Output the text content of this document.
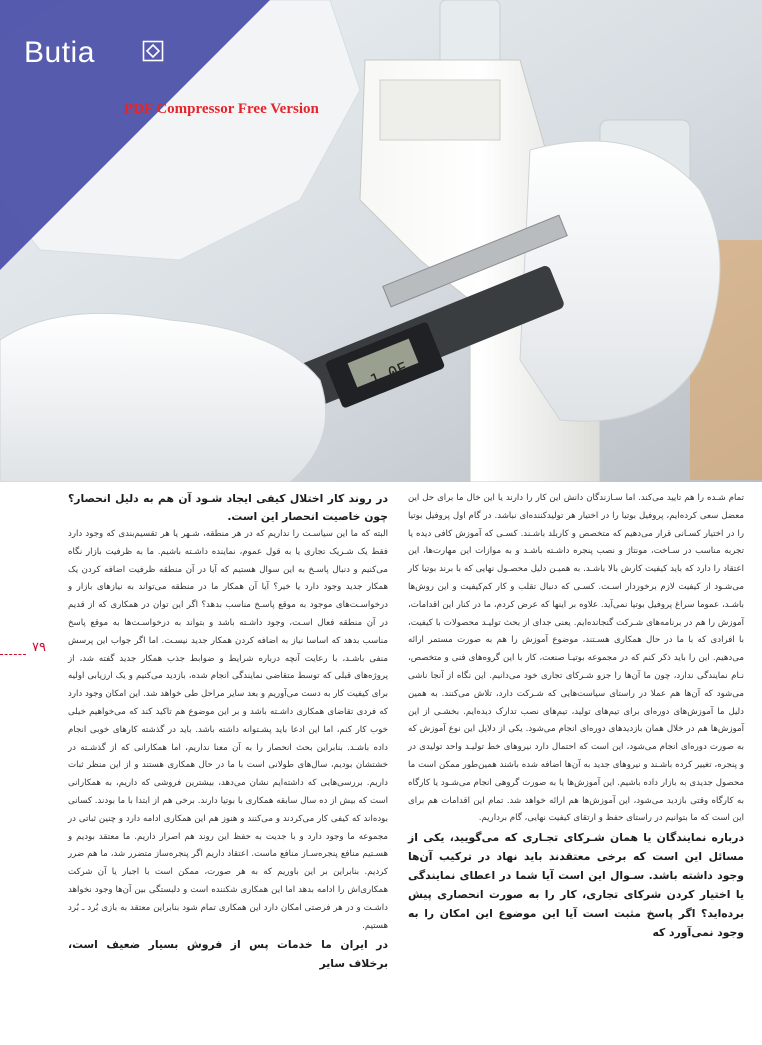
1.0E
Butia
PDF Compressor Free Version
۷۹

تمام شـده را هم تایید می‌کند. اما سـازندگان دانش این کار را دارند یا این خال ما برای حل این معضل سعی کرده‌ایم، پروفیل بوتیا را در اختیار هر تولیدکننده‌ای نباشد. در گام اول پروفیل بوتیا را در اختیار کسـانی قرار می‌دهیم که متخصص و کاربلد باشـند. کسـی که آموزش کافی دیده یا تجربه مناسب در سـاخت، مونتاژ و نصب پنجره داشـته باشـد و به موازات این مهارت‌ها، این اعتقاد را دارد که باید کیفیت کارش بالا باشـد. به همیـن دلیل محصـول نهایی که با برند بوتیا کار می‌شـود از کیفیت لازم برخوردار اسـت. کسـی که دنبال تقلب و کار کم‌کیفیت و این روش‌ها باشـد، عموما سراغ پروفیل بوتیا نمی‌آید. علاوه بر اینها که عرض کردم، ما در کنار این اقدامات، آموزش را هم در برنامه‌های شـرکت گنجانده‌ایم. یعنی جدای از بحث تولیـد محصولات با کیفیت، با افرادی که با ما در حال همکاری هسـتند، موضوع آموزش را هم به صورت مستمر ارائه می‌دهیم. این را باید ذکر کنم که در مجموعه بوتیـا صنعت، کار با این گروه‌های فنی و متخصص، نـام نمایندگی ندارد، چون ما آن‌ها را جزو شـرکای تجاری خود می‌دانیم. این نگاه از آنجا ناشی می‌شود که آن‌ها هم عملا در راستای سیاست‌هایی که شـرکت دارد، تلاش می‌کنند. به همین دلیل ما آموزش‌های دوره‌ای برای تیم‌های تولید، تیم‌های نصب تدارک دیده‌ایم. بخشـی از این آموزش‌ها هم در خلال همان بازدیدهای دوره‌ای انجام می‌شود. یکی از دلایل این نوع آموزش که به صورت دوره‌ای انجام می‌شود، این است که احتمال دارد نیروهای خط تولیـد واحد تولیدی در و پنجره، تغییر کرده باشـند و نیروهای جدید به آن‌ها اضافه شده باشند همین‌طور ممکن است ما محصول جدیدی به بازار داده باشیم. این آموزش‌ها یا به صورت گروهی انجام می‌شـود یا کارگاه به کارگاه وقتی بازدید می‌شود، این آموزش‌ها هم ارائه خواهد شد. تمام این اقدامات هم برای این است که ما بتوانیم در راستای حفظ و ارتقای کیفیت نهایی، گام برداریم.

درباره نمایندگان یا همان شـرکای تجـاری که می‌گویید، یکی از مسائل این است که برخی معتقدند باید نهاد در ترکیب آن‌ها وجود داشته باشد. سـوال این است آیا شما در اعطای نمایندگی یا اختیار کردن شرکای تجاری، کار را به صورت انحصاری پیش برده‌اید؟ اگر پاسخ مثبت است آیا این موضوع این امکان را به وجود نمی‌آورد که
در روند کار اختلال کیفی ایجاد شـود آن هم به دلیل انحصار؟ چون خاصیت انحصار این است.

البته که ما این سیاسـت را نداریم که در هر منطقه، شـهر یا هر تقسیم‌بندی که وجود دارد فقط یک شـریک تجاری یا به قول عموم، نماینده داشـته باشیم. ما به ظرفیت بازار نگاه می‌کنیم و دنبال پاسـخ به این سوال هستیم که آیا در آن منطقه ظرفیت اضافه کردن یک همکار جدید وجود دارد یا خیر؟ آیا آن همکار ما در منطقه می‌تواند به نیازهای بازار و درخواسـت‌های موجود به موقع پاسـخ مناسب بدهد؟ اگر این توان در همکاری که از قدیم در آن منطقه فعال اسـت، وجود داشـته باشد و بتواند به درخواسـت‌ها به موقع پاسخ مناسب بدهد که اساسا نیاز به اضافه کردن همکار جدید نیسـت. اما اگر جواب این پرسش منفی باشـد، با رعایت آنچه درباره شرایط و ضوابط جذب همکار جدید گفته شد، از پروژه‌های قبلی که توسط متقاضی نمایندگی انجام شده، بازدید می‌کنیم و یک ارزیابی اولیه برای کیفیت کار به دست می‌آوریم و بعد سایر مراحل طی خواهد شد. این امکان وجود دارد که فردی تقاضای همکاری داشـته باشد و بر این موضوع هم تاکید کند که می‌خواهیم خیلی خوب کار کنم، اما این ادعا باید پشـتوانه داشته باشد. باید در گذشته کارهای خوبی انجام داده باشـد. بنابراین بحث انحصار را به آن معنا نداریم، اما همکارانی که از گذشـته در خشتشان بودیم، سال‌های طولانی است با ما در حال همکاری هستند و از این منظر ثبات داریم. بررسی‌هایی که داشته‌ایم نشان می‌دهد، بیشترین فروشی که داریم، به همکارانی است که بیش از ده سال سابقه همکاری با بوتیا دارند. برخی هم از ابتدا با ما بودند. کسانی بوده‌اند که کیفی کار می‌کردند و می‌کنند و هنوز هم این همکاری ادامه دارد و چنین ثباتی در مجموعه ما وجود دارد و با جدیت به حفظ این روند هم اصرار داریم. ما معتقد بودیم و هسـتیم منافع پنجره‌سـاز منافع ماست. اعتقاد داریم اگر پنجره‌ساز متضرر شد، ما هم ضرر کردیم. بنابراین بر این باوریم که به هر صورت، ممکن است با اجبار یا آن شرکت همکاری‌اش را ادامه بدهد اما این همکاری شکننده است و دلبستگی بین آن‌ها وجود نخواهد داشـت و در هر فرصتی امکان دارد این همکاری تمام شود بنابراین معتقد به بازی بُرد ـ بُرد هستیم.

در ایران ما خدمات پس از فروش بسیار ضعیف است، برخلاف سایر
